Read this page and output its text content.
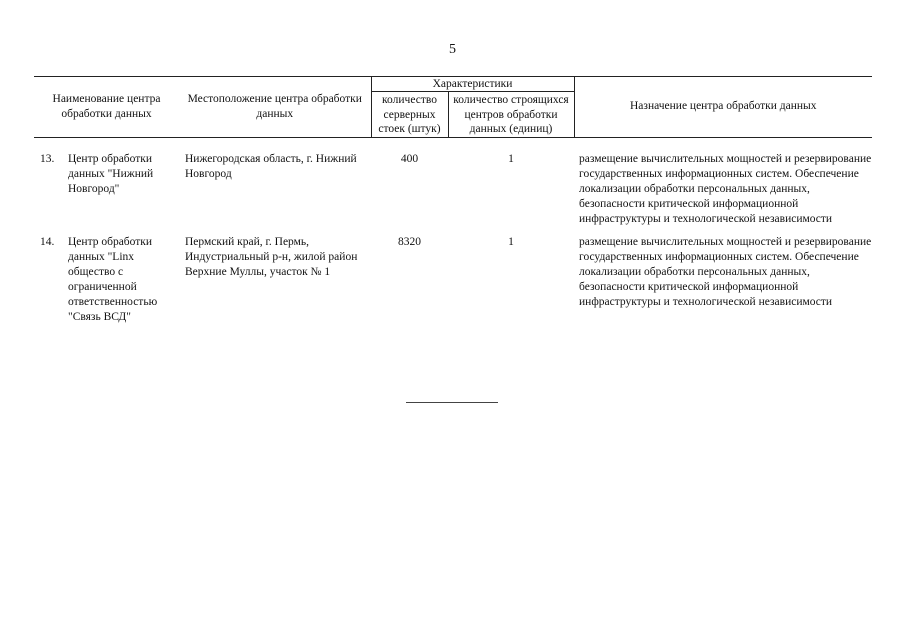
5
Наименование центра обработки данных	Местоположение центра обработки данных	Характеристики		Назначение центра обработки данных
		количество серверных стоек (штук)	количество строящихся центров обработки данных (единиц)	

13. Центр обработки данных "Нижний Новгород"	Нижегородская область, г. Нижний Новгород	400	1	размещение вычислительных мощностей и резервирование государственных информационных систем. Обеспечение локализации обработки персональных данных, безопасности критической информационной инфраструктуры и технологической независимости

14. Центр обработки данных "Linx общество с ограниченной ответственностью "Связь ВСД"	Пермский край, г. Пермь, Индустриальный р-н, жилой район Верхние Муллы, участок № 1	8320	1	размещение вычислительных мощностей и резервирование государственных информационных систем. Обеспечение локализации обработки персональных данных, безопасности критической информационной инфраструктуры и технологической независимости
